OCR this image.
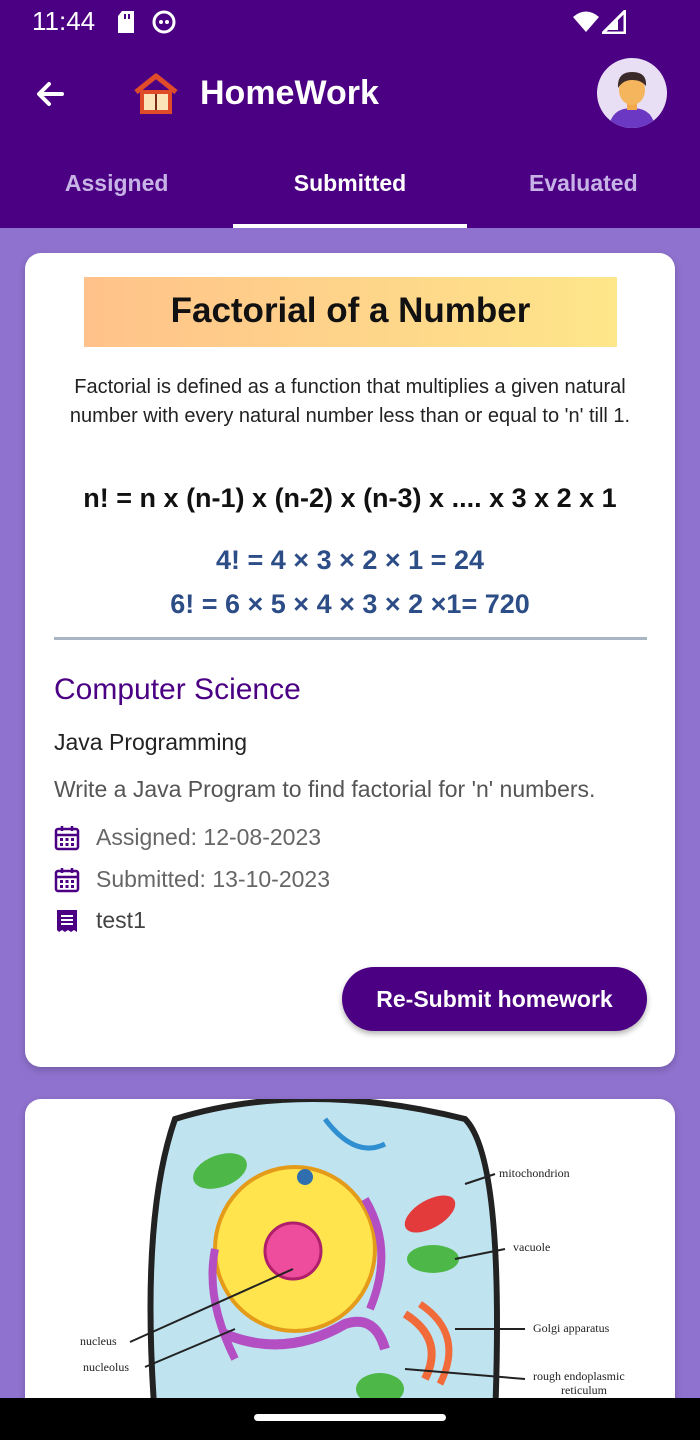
11:44
HomeWork
Assigned	Submitted	Evaluated
Factorial of a Number
Factorial is defined as a function that multiplies a given natural number with every natural number less than or equal to 'n' till 1.
n! = n x (n-1) x (n-2) x (n-3) x .... x 3 x 2 x 1
4! = 4 × 3 × 2 × 1 = 24
6! = 6 × 5 × 4 × 3 × 2 ×1= 720
Computer Science
Java Programming
Write a Java Program to find factorial for 'n' numbers.
Assigned: 12-08-2023
Submitted: 13-10-2023
test1
Re-Submit homework
mitochondrion
vacuole
Golgi apparatus
rough endoplasmic
reticulum
nucleus
nucleolus
